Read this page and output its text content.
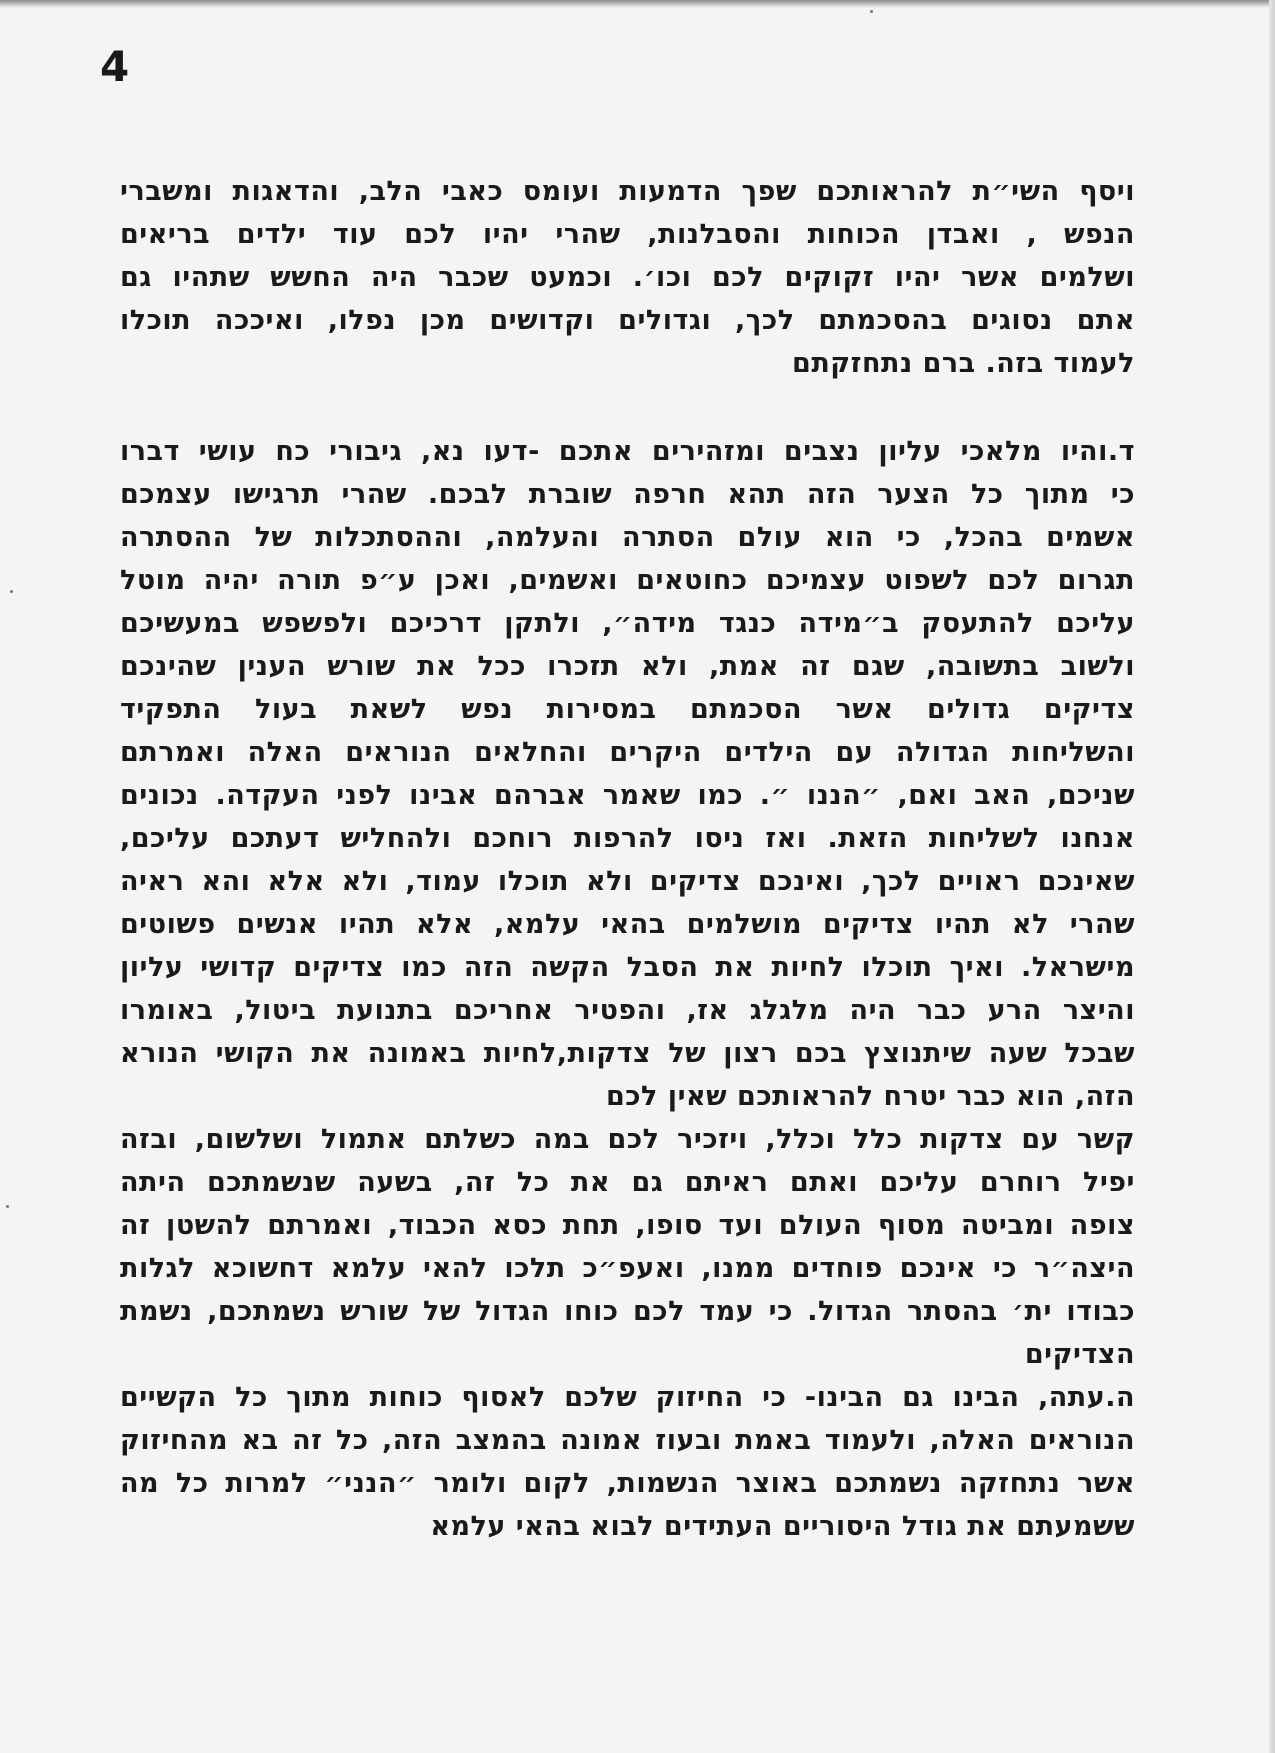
4
ויסף השי״ת להראותכם שפך הדמעות ועומס כאבי הלב, והדאגות ומשברי
הנפש , ואבדן הכוחות והסבלנות, שהרי יהיו לכם עוד ילדים בריאים
ושלמים אשר יהיו זקוקים לכם וכו׳. וכמעט שכבר היה החשש שתהיו גם
אתם נסוגים בהסכמתם לכך, וגדולים וקדושים מכן נפלו, ואיככה תוכלו
לעמוד בזה. ברם נתחזקתם
ד.והיו מלאכי עליון נצבים ומזהירים אתכם -דעו נא, גיבורי כח עושי דברו
כי מתוך כל הצער הזה תהא חרפה שוברת לבכם. שהרי תרגישו עצמכם
אשמים בהכל, כי הוא עולם הסתרה והעלמה, וההסתכלות של ההסתרה
תגרום לכם לשפוט עצמיכם כחוטאים ואשמים, ואכן ע״פ תורה יהיה מוטל
עליכם להתעסק ב״מידה כנגד מידה״, ולתקן דרכיכם ולפשפש במעשיכם
ולשוב בתשובה, שגם זה אמת, ולא תזכרו ככל את שורש הענין שהינכם
צדיקים גדולים אשר הסכמתם במסירות נפש לשאת בעול התפקיד
והשליחות הגדולה עם הילדים היקרים והחלאים הנוראים האלה ואמרתם
שניכם, האב ואם, ״הננו ״. כמו שאמר אברהם אבינו לפני העקדה. נכונים
אנחנו לשליחות הזאת. ואז ניסו להרפות רוחכם ולהחליש דעתכם עליכם,
שאינכם ראויים לכך, ואינכם צדיקים ולא תוכלו עמוד, ולא אלא והא ראיה
שהרי לא תהיו צדיקים מושלמים בהאי עלמא, אלא תהיו אנשים פשוטים
מישראל. ואיך תוכלו לחיות את הסבל הקשה הזה כמו צדיקים קדושי עליון
והיצר הרע כבר היה מלגלג אז, והפטיר אחריכם בתנועת ביטול, באומרו
שבכל שעה שיתנוצץ בכם רצון של צדקות,לחיות באמונה את הקושי הנורא
הזה, הוא כבר יטרח להראותכם שאין לכם
קשר עם צדקות כלל וכלל, ויזכיר לכם במה כשלתם אתמול ושלשום, ובזה
יפיל רוחרם עליכם ואתם ראיתם גם את כל זה, בשעה שנשמתכם היתה
צופה ומביטה מסוף העולם ועד סופו, תחת כסא הכבוד, ואמרתם להשטן זה
היצה״ר כי אינכם פוחדים ממנו, ואעפ״כ תלכו להאי עלמא דחשוכא לגלות
כבודו ית׳ בהסתר הגדול. כי עמד לכם כוחו הגדול של שורש נשמתכם, נשמת
הצדיקים
ה.עתה, הבינו גם הבינו- כי החיזוק שלכם לאסוף כוחות מתוך כל הקשיים
הנוראים האלה, ולעמוד באמת ובעוז אמונה בהמצב הזה, כל זה בא מהחיזוק
אשר נתחזקה נשמתכם באוצר הנשמות, לקום ולומר ״הנני״ למרות כל מה
ששמעתם את גודל היסוריים העתידים לבוא בהאי עלמא
